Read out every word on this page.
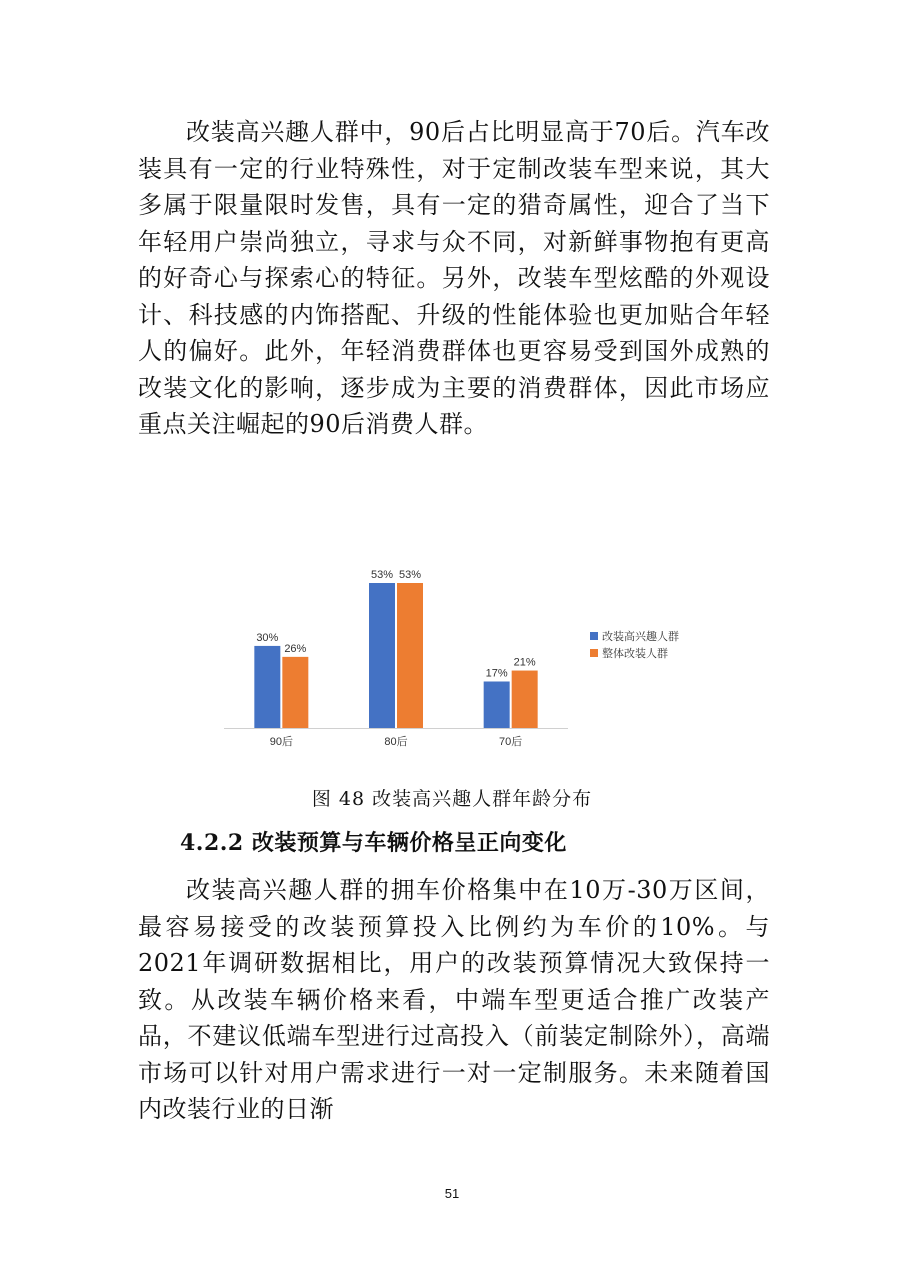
改装高兴趣人群中，90后占比明显高于70后。汽车改装具有一定的行业特殊性，对于定制改装车型来说，其大多属于限量限时发售，具有一定的猎奇属性，迎合了当下年轻用户崇尚独立，寻求与众不同，对新鲜事物抱有更高的好奇心与探索心的特征。另外，改装车型炫酷的外观设计、科技感的内饰搭配、升级的性能体验也更加贴合年轻人的偏好。此外，年轻消费群体也更容易受到国外成熟的改装文化的影响，逐步成为主要的消费群体，因此市场应重点关注崛起的90后消费人群。

30%
26%
90后
53% 53%
80后
17%
21%
70后
改装高兴趣人群
整体改装人群
图 48 改装高兴趣人群年龄分布
4.2.2 改装预算与车辆价格呈正向变化

改装高兴趣人群的拥车价格集中在10万-30万区间，最容易接受的改装预算投入比例约为车价的10%。与2021年调研数据相比，用户的改装预算情况大致保持一致。从改装车辆价格来看，中端车型更适合推广改装产品，不建议低端车型进行过高投入（前装定制除外），高端市场可以针对用户需求进行一对一定制服务。未来随着国内改装行业的日渐

51
